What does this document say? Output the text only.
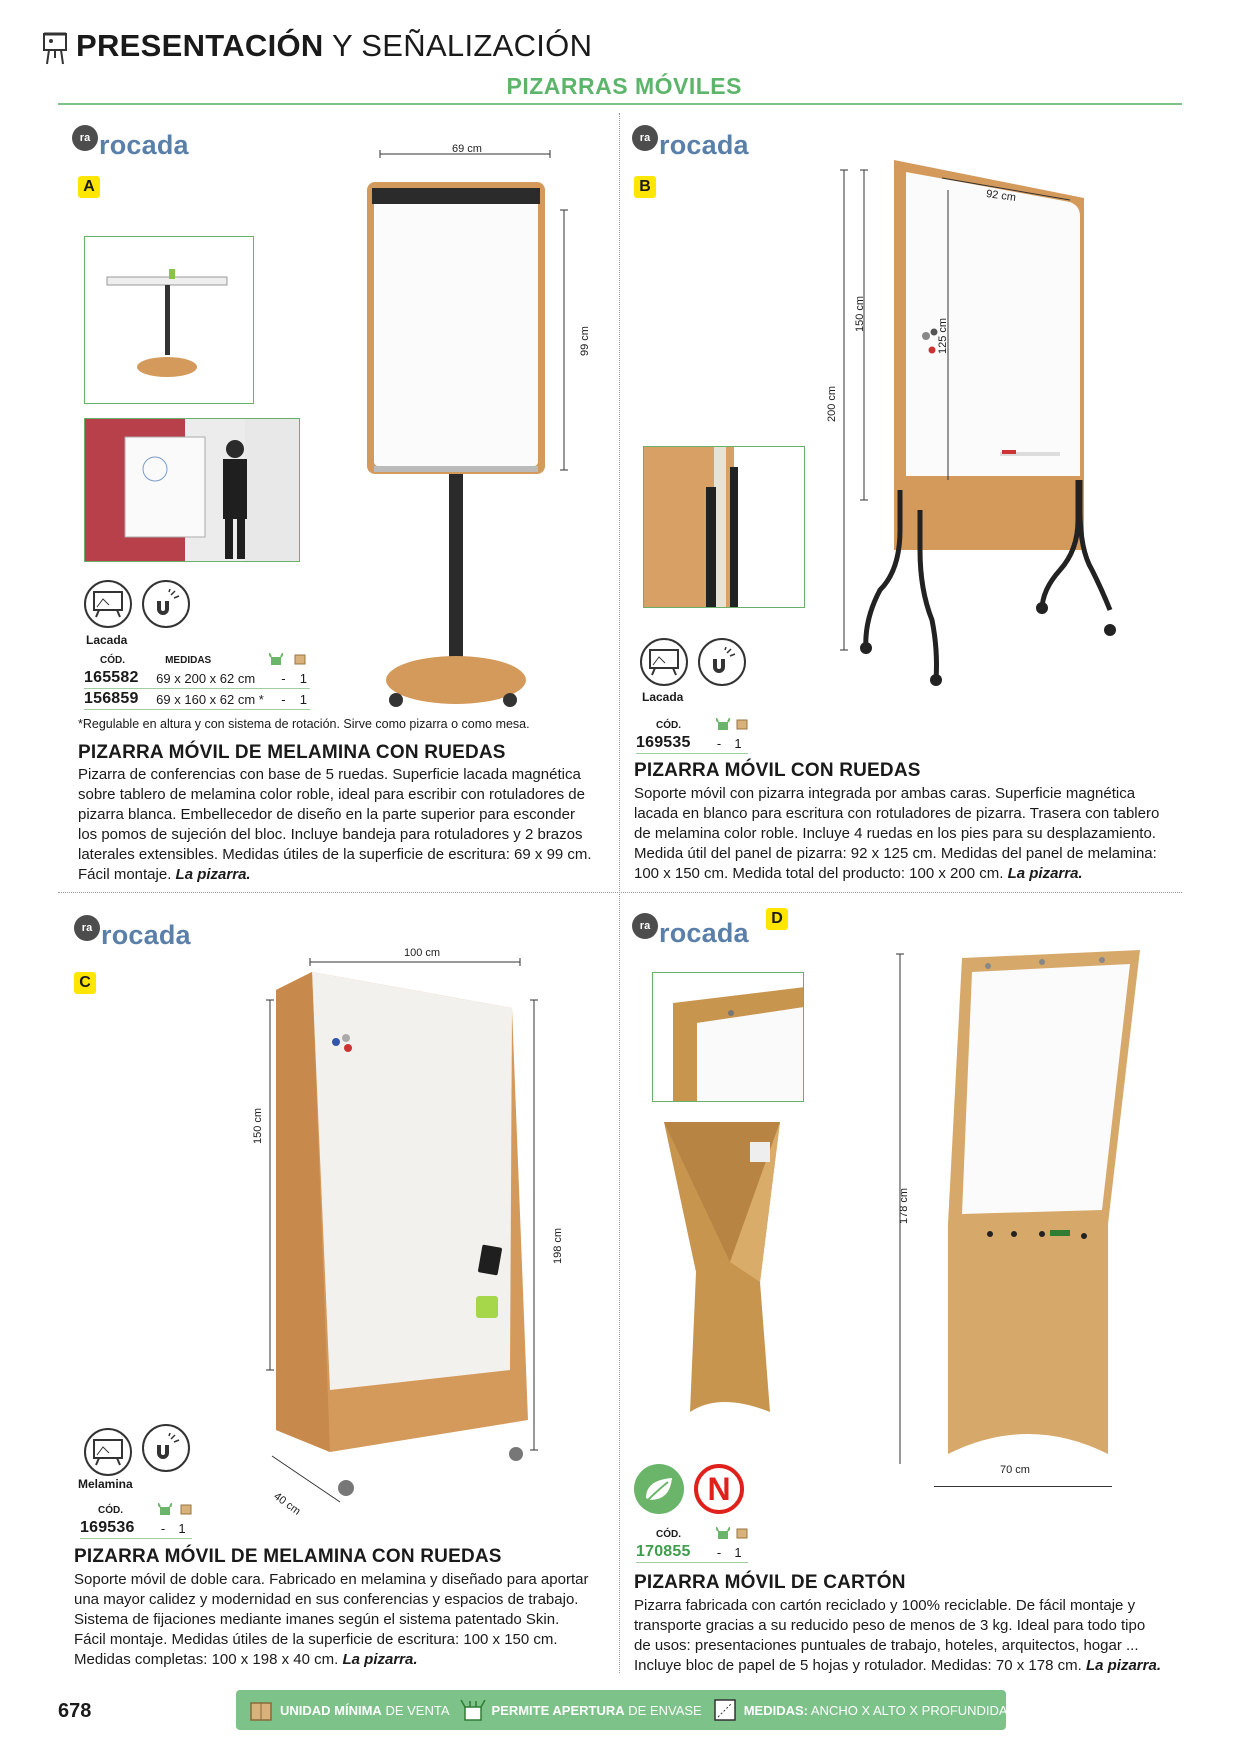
PRESENTACIÓN Y SEÑALIZACIÓN
PIZARRAS MÓVILES
ra rocada
A
69 cm
99 cm
Lacada
CÓD.	MEDIDAS
165582	69 x 200 x 62 cm	-	1
156859	69 x 160 x 62 cm *	-	1
*Regulable en altura y con sistema de rotación. Sirve como pizarra o como mesa.
PIZARRA MÓVIL DE MELAMINA CON RUEDAS
Pizarra de conferencias con base de 5 ruedas. Superficie lacada magnética
sobre tablero de melamina color roble, ideal para escribir con rotuladores de
pizarra blanca. Embellecedor de diseño en la parte superior para esconder
los pomos de sujeción del bloc. Incluye bandeja para rotuladores y 2 brazos
laterales extensibles. Medidas útiles de la superficie de escritura: 69 x 99 cm.
Fácil montaje. La pizarra.
ra rocada
B
92 cm
150 cm
125 cm
200 cm
Lacada
CÓD.
169535	-	1
PIZARRA MÓVIL CON RUEDAS
Soporte móvil con pizarra integrada por ambas caras. Superficie magnética
lacada en blanco para escritura con rotuladores de pizarra. Trasera con tablero
de melamina color roble. Incluye 4 ruedas en los pies para su desplazamiento.
Medida útil del panel de pizarra: 92 x 125 cm. Medidas del panel de melamina:
100 x 150 cm. Medida total del producto: 100 x 200 cm. La pizarra.
ra rocada
C
100 cm
150 cm
198 cm
40 cm
Melamina
CÓD.
169536	-	1
PIZARRA MÓVIL DE MELAMINA CON RUEDAS
Soporte móvil de doble cara. Fabricado en melamina y diseñado para aportar
una mayor calidez y modernidad en sus conferencias y espacios de trabajo.
Sistema de fijaciones mediante imanes según el sistema patentado Skin.
Fácil montaje. Medidas útiles de la superficie de escritura: 100 x 150 cm.
Medidas completas: 100 x 198 x 40 cm. La pizarra.
ra rocada	D
178 cm
70 cm
N
CÓD.
170855	-	1
PIZARRA MÓVIL DE CARTÓN
Pizarra fabricada con cartón reciclado y 100% reciclable. De fácil montaje y
transporte gracias a su reducido peso de menos de 3 kg. Ideal para todo tipo
de usos: presentaciones puntuales de trabajo, hoteles, arquitectos, hogar ...
Incluye bloc de papel de 5 hojas y rotulador. Medidas: 70 x 178 cm. La pizarra.
678	UNIDAD MÍNIMA DE VENTA	PERMITE APERTURA DE ENVASE	MEDIDAS: ANCHO X ALTO X PROFUNDIDAD
